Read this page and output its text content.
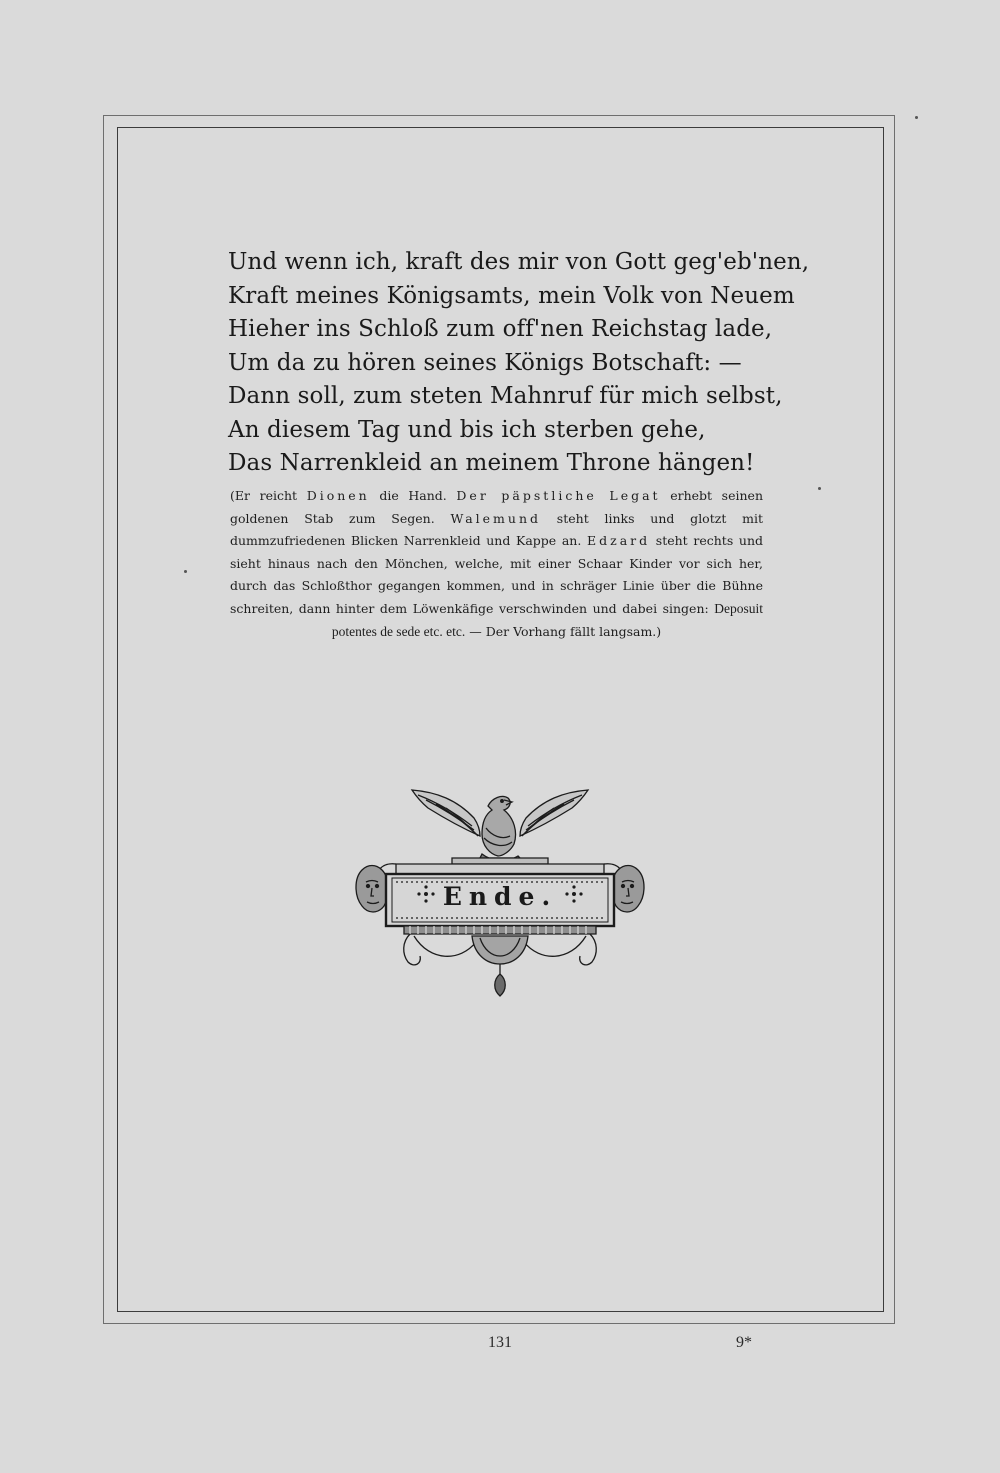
Und wenn ich, kraft des mir von Gott geg'eb'nen,
Kraft meines Königsamts, mein Volk von Neuem
Hieher ins Schloß zum off'nen Reichstag lade,
Um da zu hören seines Königs Botschaft: —
Dann soll, zum steten Mahnruf für mich selbst,
An diesem Tag und bis ich sterben gehe,
Das Narrenkleid an meinem Throne hängen!

(Er reicht Dionen die Hand. Der päpstliche Legat erhebt seinen goldenen Stab zum Segen. Walemund steht links und glotzt mit dummzufriedenen Blicken Narrenkleid und Kappe an. Edzard steht rechts und sieht hinaus nach den Mönchen, welche, mit einer Schaar Kinder vor sich her, durch das Schloßthor gegangen kommen, und in schräger Linie über die Bühne schreiten, dann hinter dem Löwenkäfige verschwinden und dabei singen: Deposuit potentes de sede etc. etc. — Der Vorhang fällt langsam.)

Ende.
131	9*
